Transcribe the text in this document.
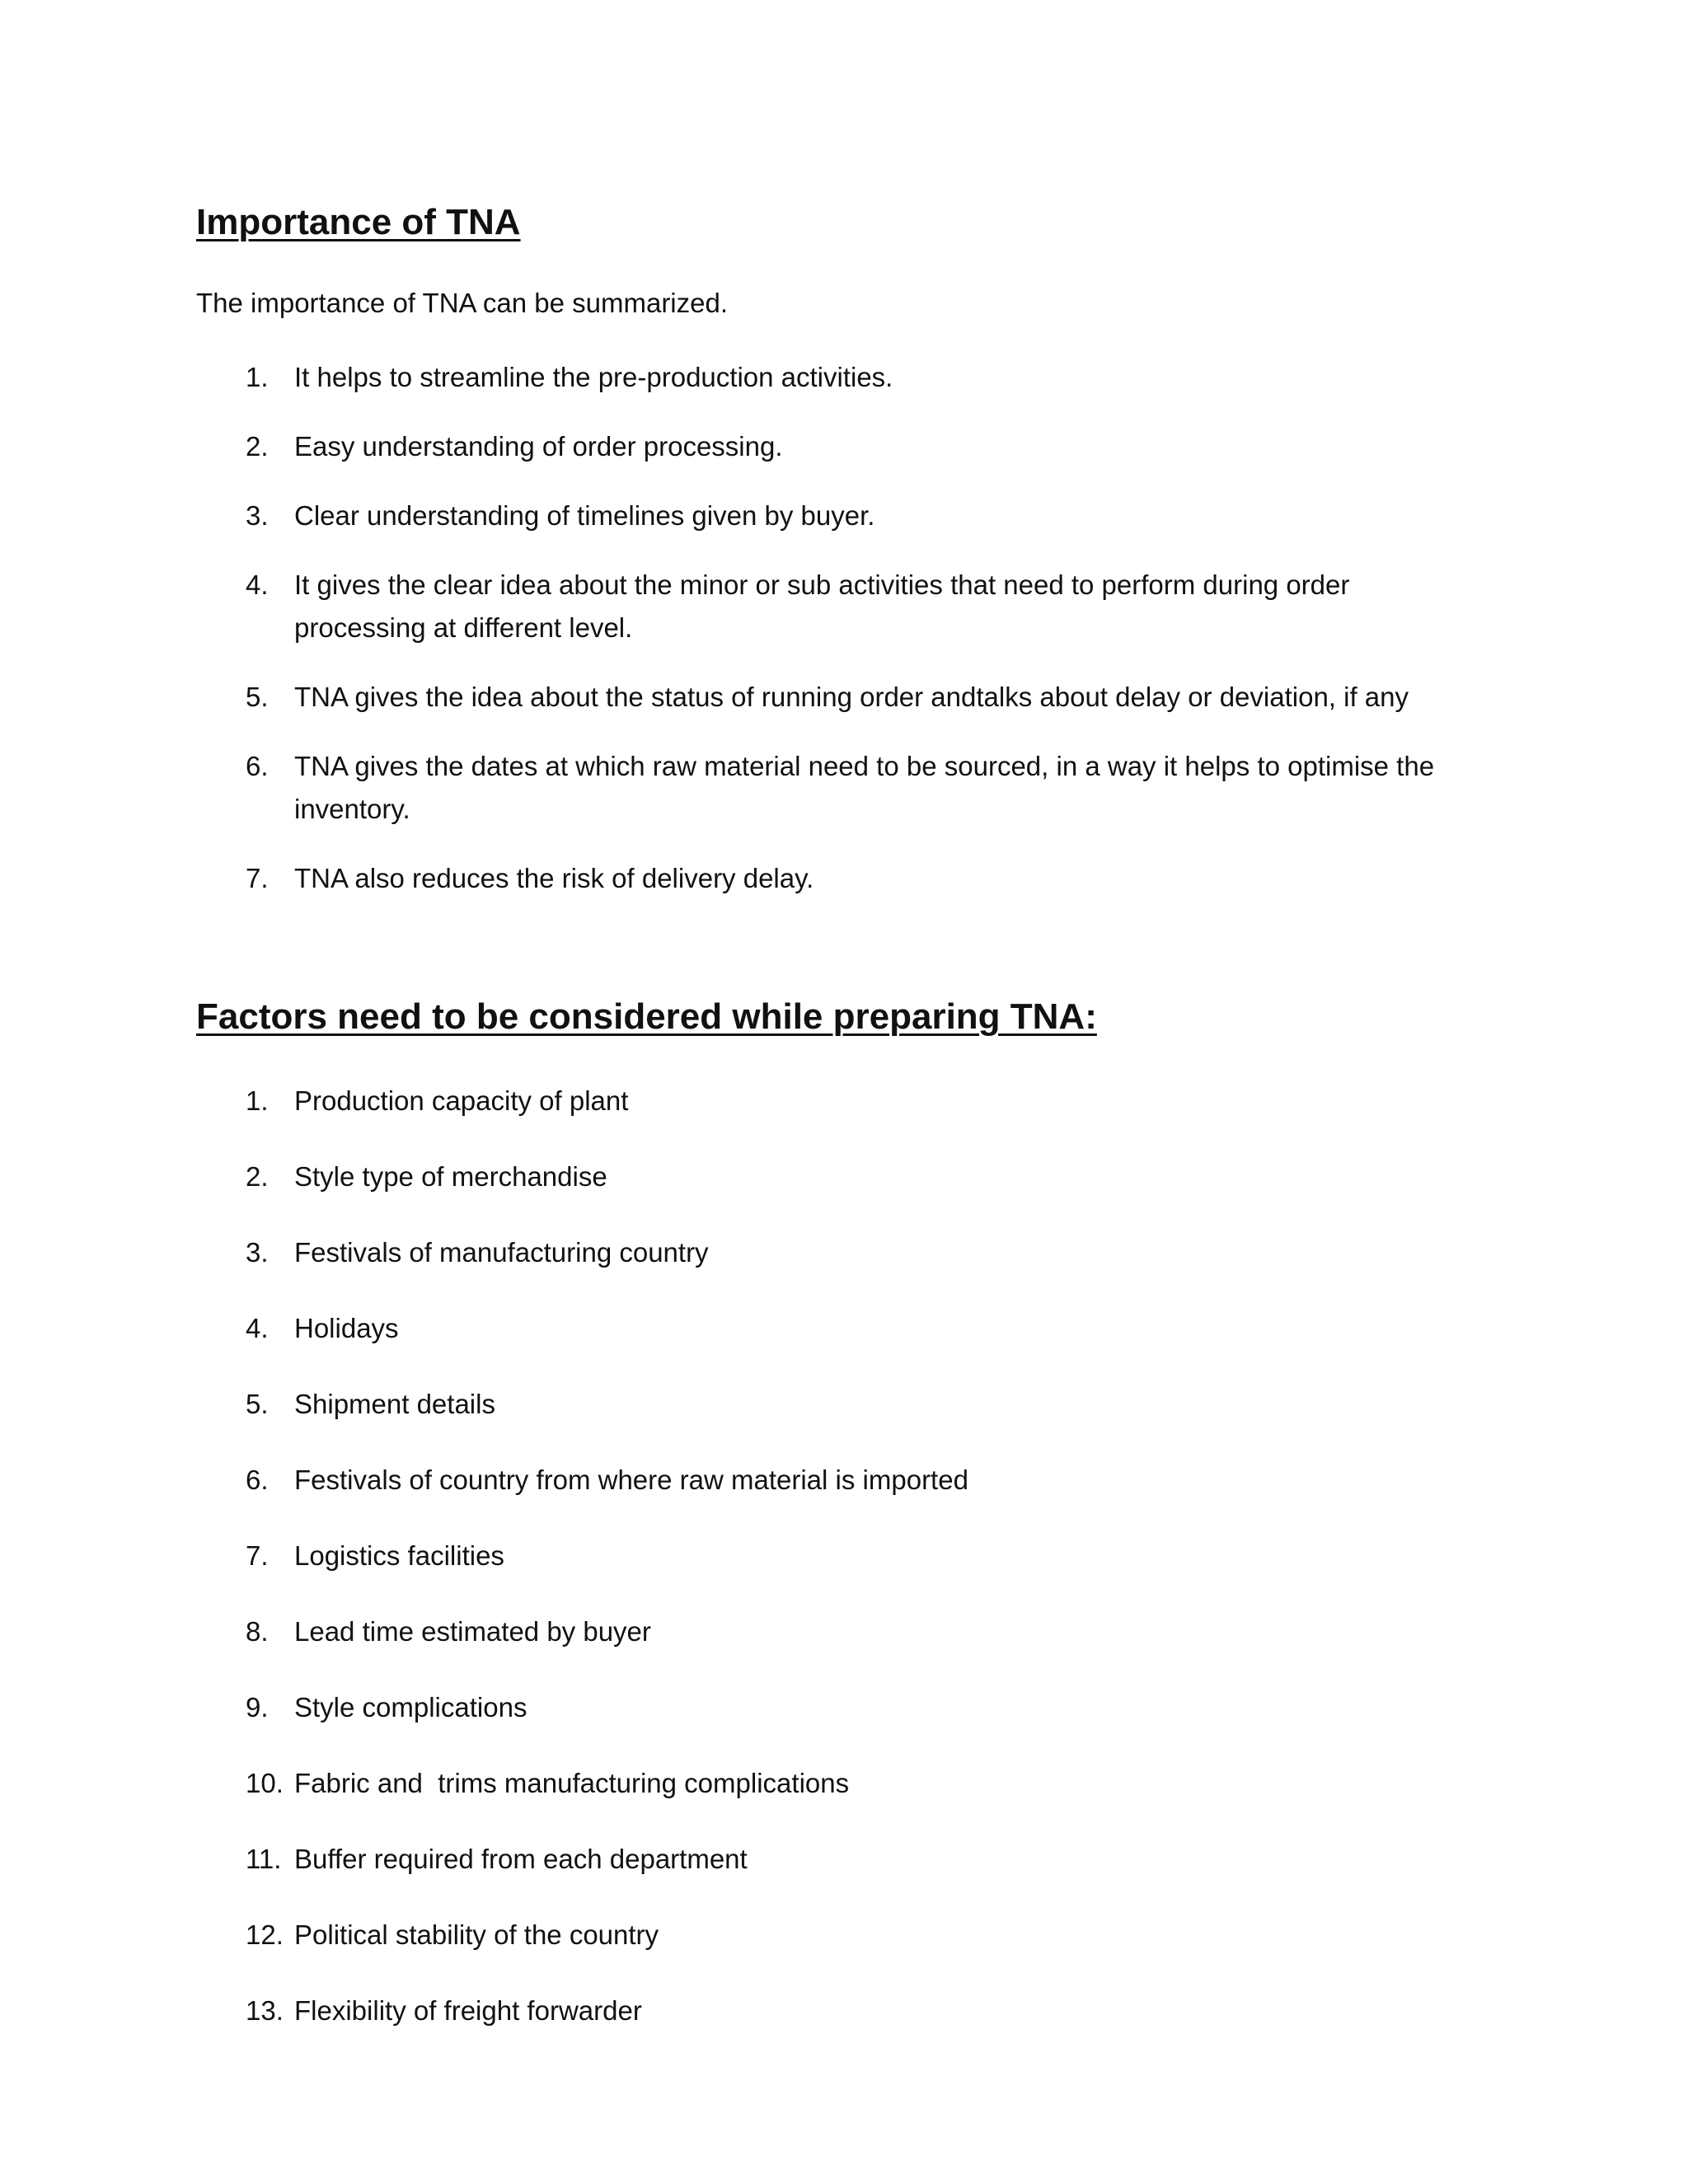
Importance of TNA

The importance of TNA can be summarized.

1. It helps to streamline the pre-production activities.
2. Easy understanding of order processing.
3. Clear understanding of timelines given by buyer.
4. It gives the clear idea about the minor or sub activities that need to perform during order processing at different level.
5. TNA gives the idea about the status of running order andtalks about delay or deviation, if any
6. TNA gives the dates at which raw material need to be sourced, in a way it helps to optimise the inventory.
7. TNA also reduces the risk of delivery delay.
Factors need to be considered while preparing TNA:
1. Production capacity of plant
2. Style type of merchandise
3. Festivals of manufacturing country
4. Holidays
5. Shipment details
6. Festivals of country from where raw material is imported
7. Logistics facilities
8. Lead time estimated by buyer
9. Style complications
10. Fabric and  trims manufacturing complications
11. Buffer required from each department
12. Political stability of the country
13. Flexibility of freight forwarder
